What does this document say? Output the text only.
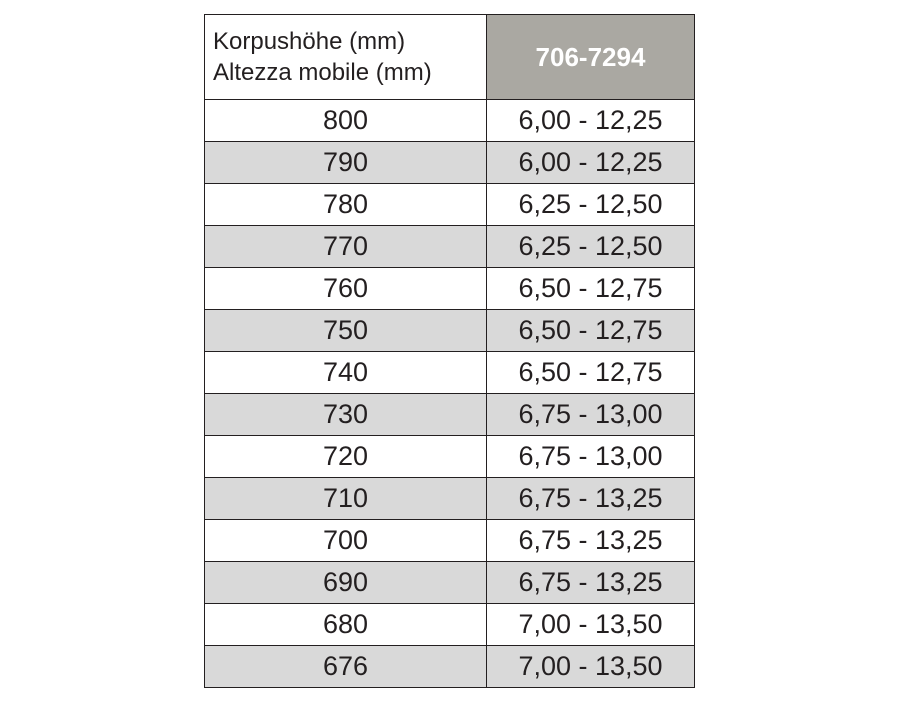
Korpushöhe (mm)
Altezza mobile (mm)	706-7294
800	6,00 - 12,25
790	6,00 - 12,25
780	6,25 - 12,50
770	6,25 - 12,50
760	6,50 - 12,75
750	6,50 - 12,75
740	6,50 - 12,75
730	6,75 - 13,00
720	6,75 - 13,00
710	6,75 - 13,25
700	6,75 - 13,25
690	6,75 - 13,25
680	7,00 - 13,50
676	7,00 - 13,50
